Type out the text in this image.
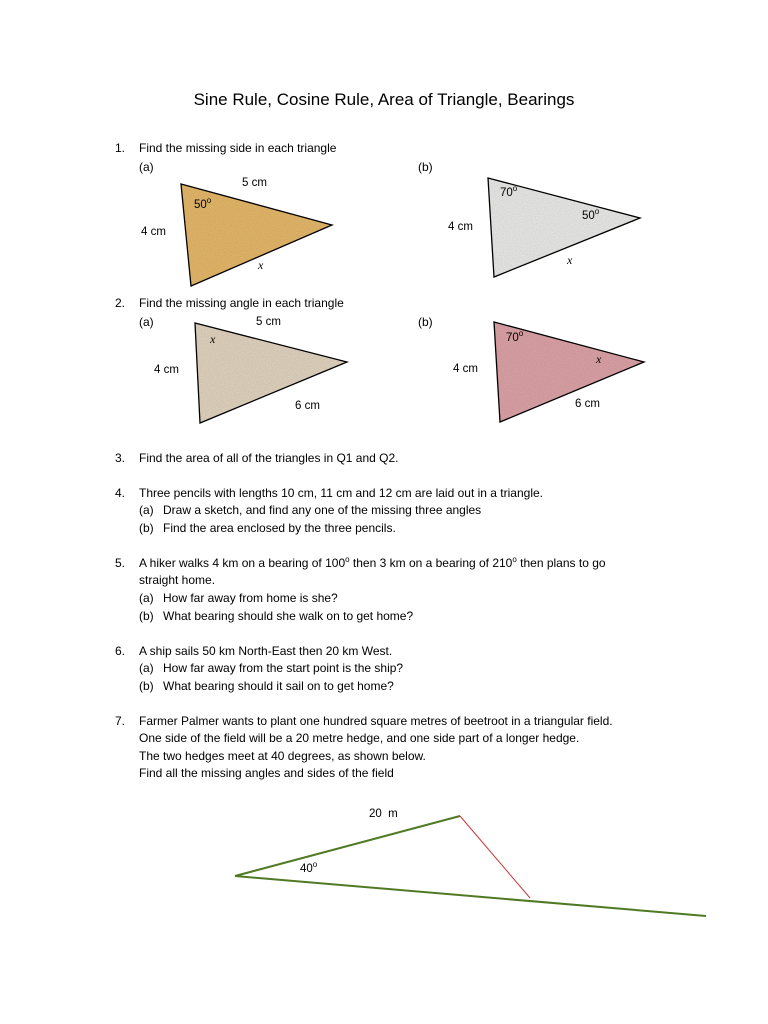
Sine Rule, Cosine Rule, Area of Triangle, Bearings
1.	Find the missing side in each triangle
(a)	(b)
2.	Find the missing angle in each triangle
(a)	(b)
5 cm
4 cm
50$^o$
x
4 cm
70$^o$
50$^o$
x
5 cm
4 cm
6 cm
x
4 cm
6 cm
70$^o$
x
3.	Find the area of all of the triangles in Q1 and Q2.
4.	Three pencils with lengths 10 cm, 11 cm and 12 cm are laid out in a triangle.
(a) Draw a sketch, and find any one of the missing three angles
(b) Find the area enclosed by the three pencils.
5.	A hiker walks 4 km on a bearing of 100$^o$ then 3 km on a bearing of 210$^o$ then plans to go
straight home.
(a) How far away from home is she?
(b) What bearing should she walk on to get home?
6.	A ship sails 50 km North-East then 20 km West.
(a) How far away from the start point is the ship?
(b) What bearing should it sail on to get home?
7.	Farmer Palmer wants to plant one hundred square metres of beetroot in a triangular field.
One side of the field will be a 20 metre hedge, and one side part of a longer hedge.
The two hedges meet at 40 degrees, as shown below.
Find all the missing angles and sides of the field
20  m
40$^o$
